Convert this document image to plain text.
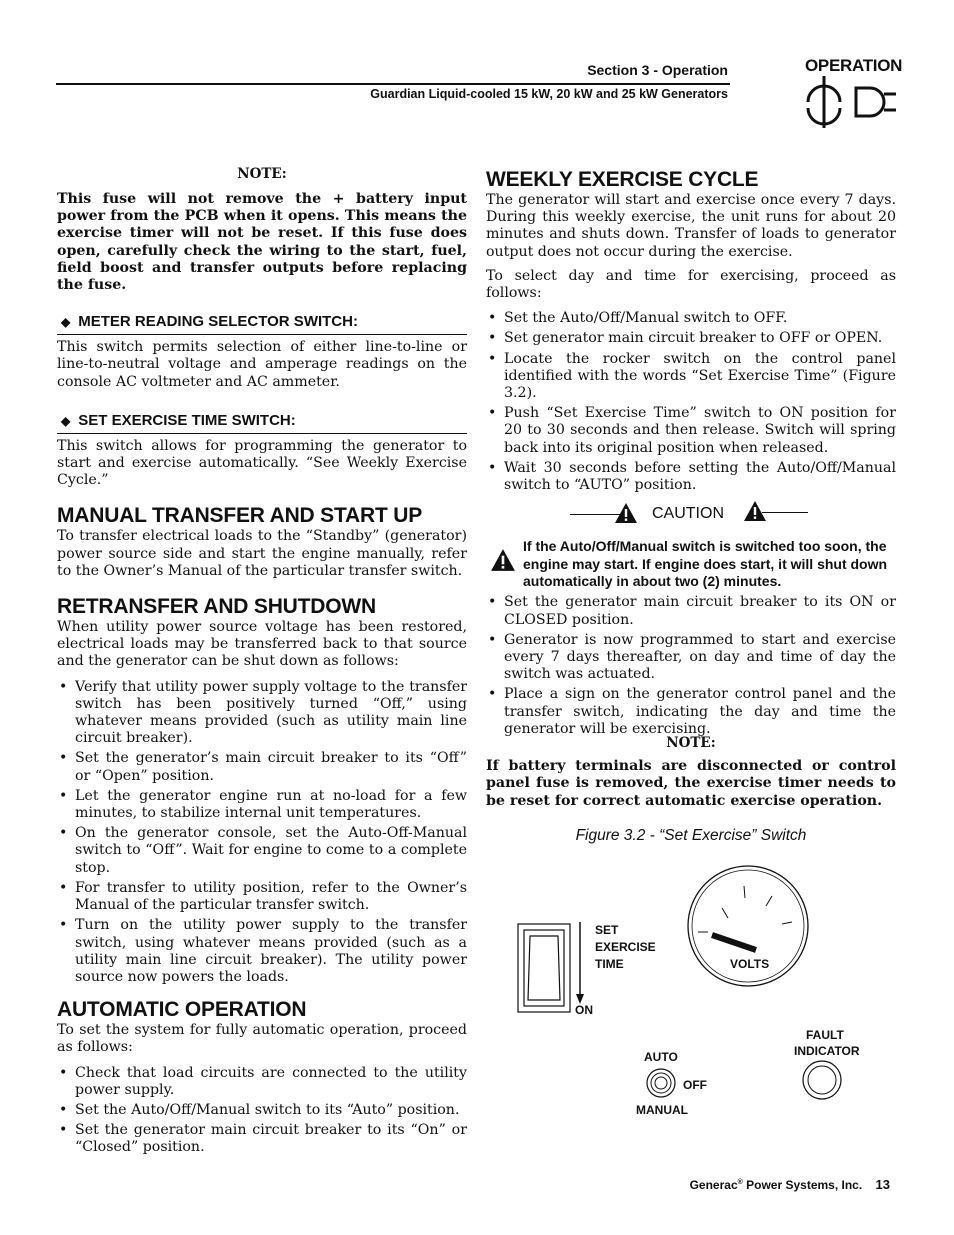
Section 3 - Operation
Guardian Liquid-cooled 15 kW, 20 kW and 25 kW Generators
OPERATION
NOTE:
This fuse will not remove the + battery input power from the PCB when it opens. This means the exercise timer will not be reset. If this fuse does open, carefully check the wiring to the start, fuel, field boost and transfer outputs before replacing the fuse.
◆ METER READING SELECTOR SWITCH:
This switch permits selection of either line-to-line or line-to-neutral voltage and amperage readings on the console AC voltmeter and AC ammeter.
◆ SET EXERCISE TIME SWITCH:
This switch allows for programming the generator to start and exercise automatically. “See Weekly Exercise Cycle.”
MANUAL TRANSFER AND START UP
To transfer electrical loads to the “Standby” (generator) power source side and start the engine manually, refer to the Owner’s Manual of the particular transfer switch.
RETRANSFER AND SHUTDOWN
When utility power source voltage has been restored, electrical loads may be transferred back to that source and the generator can be shut down as follows:
• Verify that utility power supply voltage to the transfer switch has been positively turned “Off,” using whatever means provided (such as utility main line circuit breaker).
• Set the generator’s main circuit breaker to its “Off” or “Open” position.
• Let the generator engine run at no-load for a few minutes, to stabilize internal unit temperatures.
• On the generator console, set the Auto-Off-Manual switch to “Off”. Wait for engine to come to a complete stop.
• For transfer to utility position, refer to the Owner’s Manual of the particular transfer switch.
• Turn on the utility power supply to the transfer switch, using whatever means provided (such as a utility main line circuit breaker). The utility power source now powers the loads.
AUTOMATIC OPERATION
To set the system for fully automatic operation, proceed as follows:
• Check that load circuits are connected to the utility power supply.
• Set the Auto/Off/Manual switch to its “Auto” position.
• Set the generator main circuit breaker to its “On” or “Closed” position.
WEEKLY EXERCISE CYCLE
The generator will start and exercise once every 7 days. During this weekly exercise, the unit runs for about 20 minutes and shuts down. Transfer of loads to generator output does not occur during the exercise.
To select day and time for exercising, proceed as follows:
• Set the Auto/Off/Manual switch to OFF.
• Set generator main circuit breaker to OFF or OPEN.
• Locate the rocker switch on the control panel identified with the words “Set Exercise Time” (Figure 3.2).
• Push “Set Exercise Time” switch to ON position for 20 to 30 seconds and then release. Switch will spring back into its original position when released.
• Wait 30 seconds before setting the Auto/Off/Manual switch to “AUTO” position.
CAUTION
If the Auto/Off/Manual switch is switched too soon, the engine may start. If engine does start, it will shut down automatically in about two (2) minutes.
• Set the generator main circuit breaker to its ON or CLOSED position.
• Generator is now programmed to start and exercise every 7 days thereafter, on day and time of day the switch was actuated.
• Place a sign on the generator control panel and the transfer switch, indicating the day and time the generator will be exercising.
NOTE:
If battery terminals are disconnected or control panel fuse is removed, the exercise timer needs to be reset for correct automatic exercise operation.
Figure 3.2 - “Set Exercise” Switch
SET
EXERCISE
TIME
ON
VOLTS
FAULT
INDICATOR
AUTO
OFF
MANUAL
Generac® Power Systems, Inc. 13
